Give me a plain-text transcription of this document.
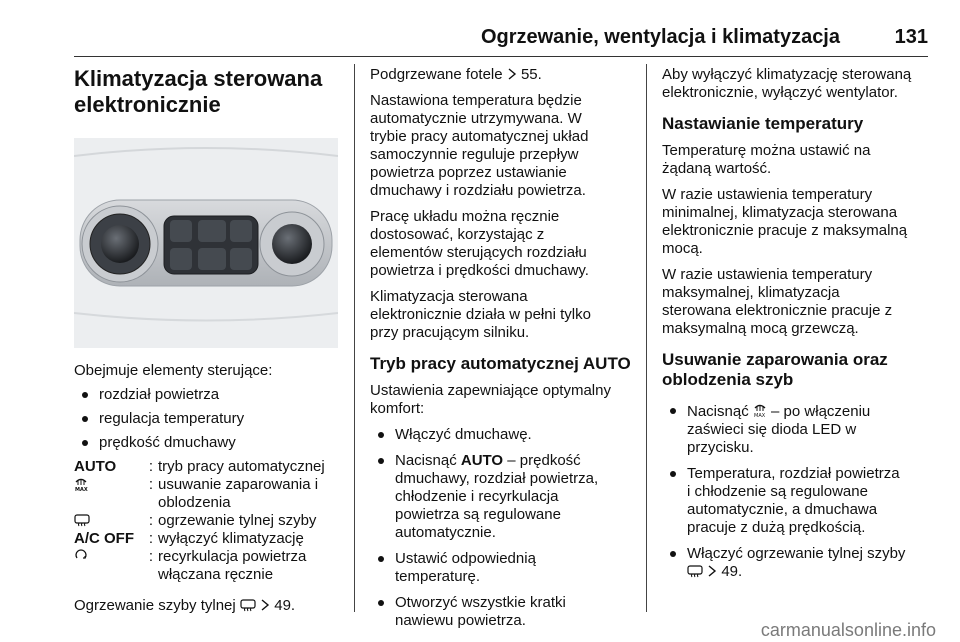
Ogrzewanie, wentylacja i klimatyzacja	131
Klimatyzacja sterowana
elektronicznie

Obejmuje elementy sterujące:

rozdział powietrza
regulacja temperatury
prędkość dmuchawy
AUTO	:	tryb pracy automatycznej

MAX	:	usuwanie zaparowania i
oblodzenia

	:	ogrzewanie tylnej szyby
A/C OFF	:	wyłączyć klimatyzację
	:	recyrkulacja powietrza
włączana ręcznie

Ogrzewanie szyby tylnej	49.

Podgrzewane fotele 55.

Nastawiona temperatura będzie
automatycznie utrzymywana. W
trybie pracy automatycznej układ
samoczynnie reguluje przepływ
powietrza poprzez ustawianie
dmuchawy i rozdziału powietrza.

Pracę układu można ręcznie
dostosować, korzystając z
elementów sterujących rozdziału
powietrza i prędkości dmuchawy.

Klimatyzacja sterowana
elektronicznie działa w pełni tylko
przy pracującym silniku.

Tryb pracy automatycznej AUTO

Ustawienia zapewniające optymalny
komfort:

Włączyć dmuchawę.
Nacisnąć AUTO – prędkość
dmuchawy, rozdział powietrza,
chłodzenie i recyrkulacja
powietrza są regulowane
automatycznie.
Ustawić odpowiednią
temperaturę.
Otworzyć wszystkie kratki
nawiewu powietrza.

Aby wyłączyć klimatyzację sterowaną
elektronicznie, wyłączyć wentylator.

Nastawianie temperatury

Temperaturę można ustawić na
żądaną wartość.

W razie ustawienia temperatury
minimalnej, klimatyzacja sterowana
elektronicznie pracuje z maksymalną
mocą.

W razie ustawienia temperatury
maksymalnej, klimatyzacja
sterowana elektronicznie pracuje z
maksymalną mocą grzewczą.

Usuwanie zaparowania oraz
oblodzenia szyb
Nacisnąć MAX – po włączeniu
zaświeci się dioda LED w
przycisku.
Temperatura, rozdział powietrza
i chłodzenie są regulowane
automatycznie, a dmuchawa
pracuje z dużą prędkością.
Włączyć ogrzewanie tylnej szyby
49.
carmanualsonline.info
